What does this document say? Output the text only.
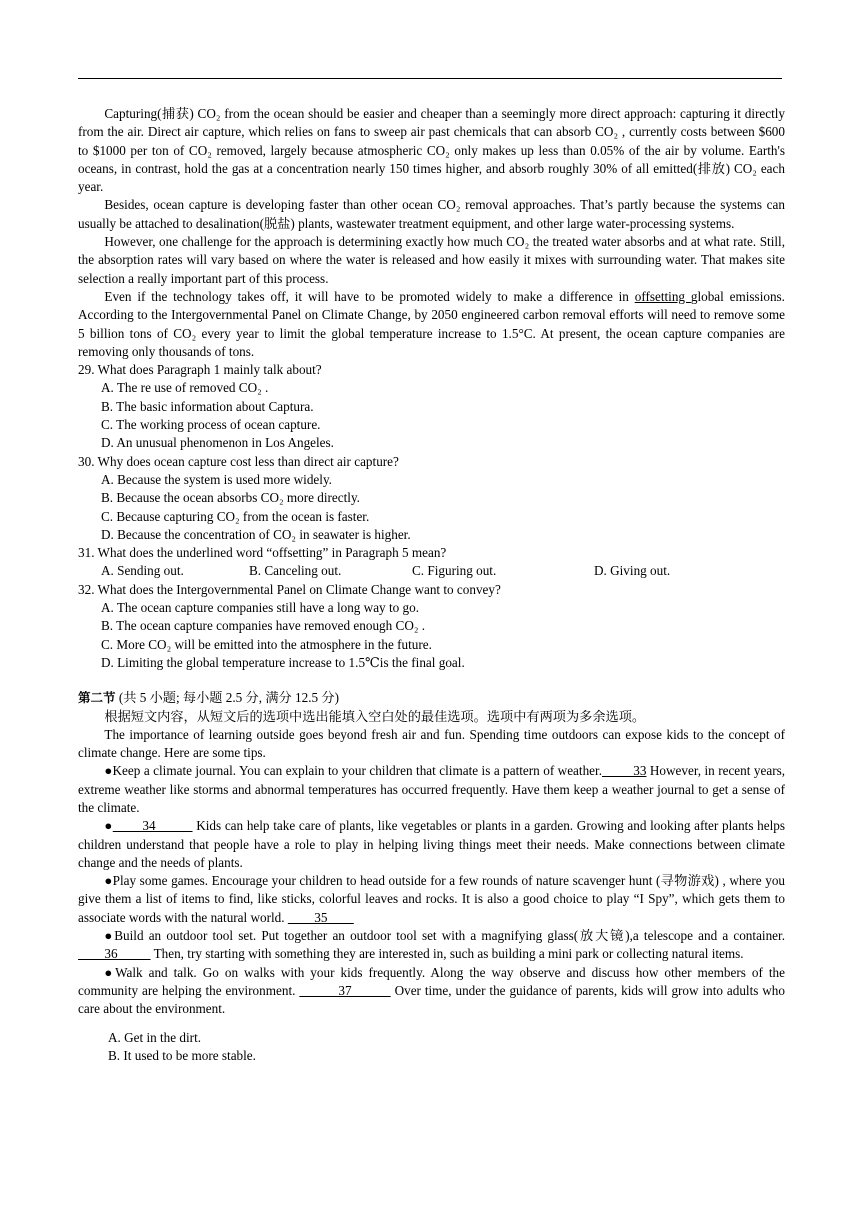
Capturing(捕获) CO₂ from the ocean should be easier and cheaper than a seemingly more direct approach: capturing it directly from the air. Direct air capture, which relies on fans to sweep air past chemicals that can absorb CO₂ , currently costs between $600 to $1000 per ton of CO₂ removed, largely because atmospheric CO₂ only makes up less than 0.05% of the air by volume. Earth's oceans, in contrast, hold the gas at a concentration nearly 150 times higher, and absorb roughly 30% of all emitted(排放) CO₂ each year.

Besides, ocean capture is developing faster than other ocean CO₂ removal approaches. That’s partly because the systems can usually be attached to desalination(脱盐) plants, wastewater treatment equipment, and other large water-processing systems.

However, one challenge for the approach is determining exactly how much CO₂ the treated water absorbs and at what rate. Still, the absorption rates will vary based on where the water is released and how easily it mixes with surrounding water. That makes site selection a really important part of this process.

Even if the technology takes off, it will have to be promoted widely to make a difference in offsetting global emissions. According to the Intergovernmental Panel on Climate Change, by 2050 engineered carbon removal efforts will need to remove some 5 billion tons of CO₂ every year to limit the global temperature increase to 1.5°C. At present, the ocean capture companies are removing only thousands of tons.

29. What does Paragraph 1 mainly talk about?

A. The re use of removed CO₂ .

B. The basic information about Captura.

C. The working process of ocean capture.

D. An unusual phenomenon in Los Angeles.

30. Why does ocean capture cost less than direct air capture?

A. Because the system is used more widely.

B. Because the ocean absorbs CO₂ more directly.

C. Because capturing CO₂ from the ocean is faster.

D. Because the concentration of CO₂ in seawater is higher.

31. What does the underlined word “offsetting” in Paragraph 5 mean?

A. Sending out.	B. Canceling out.	C. Figuring out.	D. Giving out.

32. What does the Intergovernmental Panel on Climate Change want to convey?

A. The ocean capture companies still have a long way to go.

B. The ocean capture companies have removed enough CO₂ .

C. More CO₂ will be emitted into the atmosphere in the future.

D. Limiting the global temperature increase to 1.5℃is the final goal.

第二节 (共 5 小题; 每小题 2.5 分, 满分 12.5 分)

根据短文内容，从短文后的选项中选出能填入空白处的最佳选项。选项中有两项为多余选项。

The importance of learning outside goes beyond fresh air and fun. Spending time outdoors can expose kids to the concept of climate change. Here are some tips.

●Keep a climate journal. You can explain to your children that climate is a pattern of weather.         33 However, in recent years, extreme weather like storms and abnormal temperatures has occurred frequently. Have them keep a weather journal to get a sense of the climate.

●        34           Kids can help take care of plants, like vegetables or plants in a garden. Growing and looking after plants helps children understand that people have a role to play in helping living things meet their needs. Make connections between climate change and the needs of plants.

●Play some games. Encourage your children to head outside for a few rounds of nature scavenger hunt (寻物游戏) , where you give them a list of items to find, like sticks, colorful leaves and rocks. It is also a good choice to play “I Spy”, which gets them to associate words with the natural world.         35

●Build an outdoor tool set. Put together an outdoor tool set with a magnifying glass(放大镜),a telescope and a container.         36           Then, try starting with something they are interested in, such as building a mini park or collecting natural items.

●Walk and talk. Go on walks with your kids frequently. Along the way observe and discuss how other members of the community are helping the environment.           37           Over time, under the guidance of parents, kids will grow into adults who care about the environment.

A. Get in the dirt.

B. It used to be more stable.
